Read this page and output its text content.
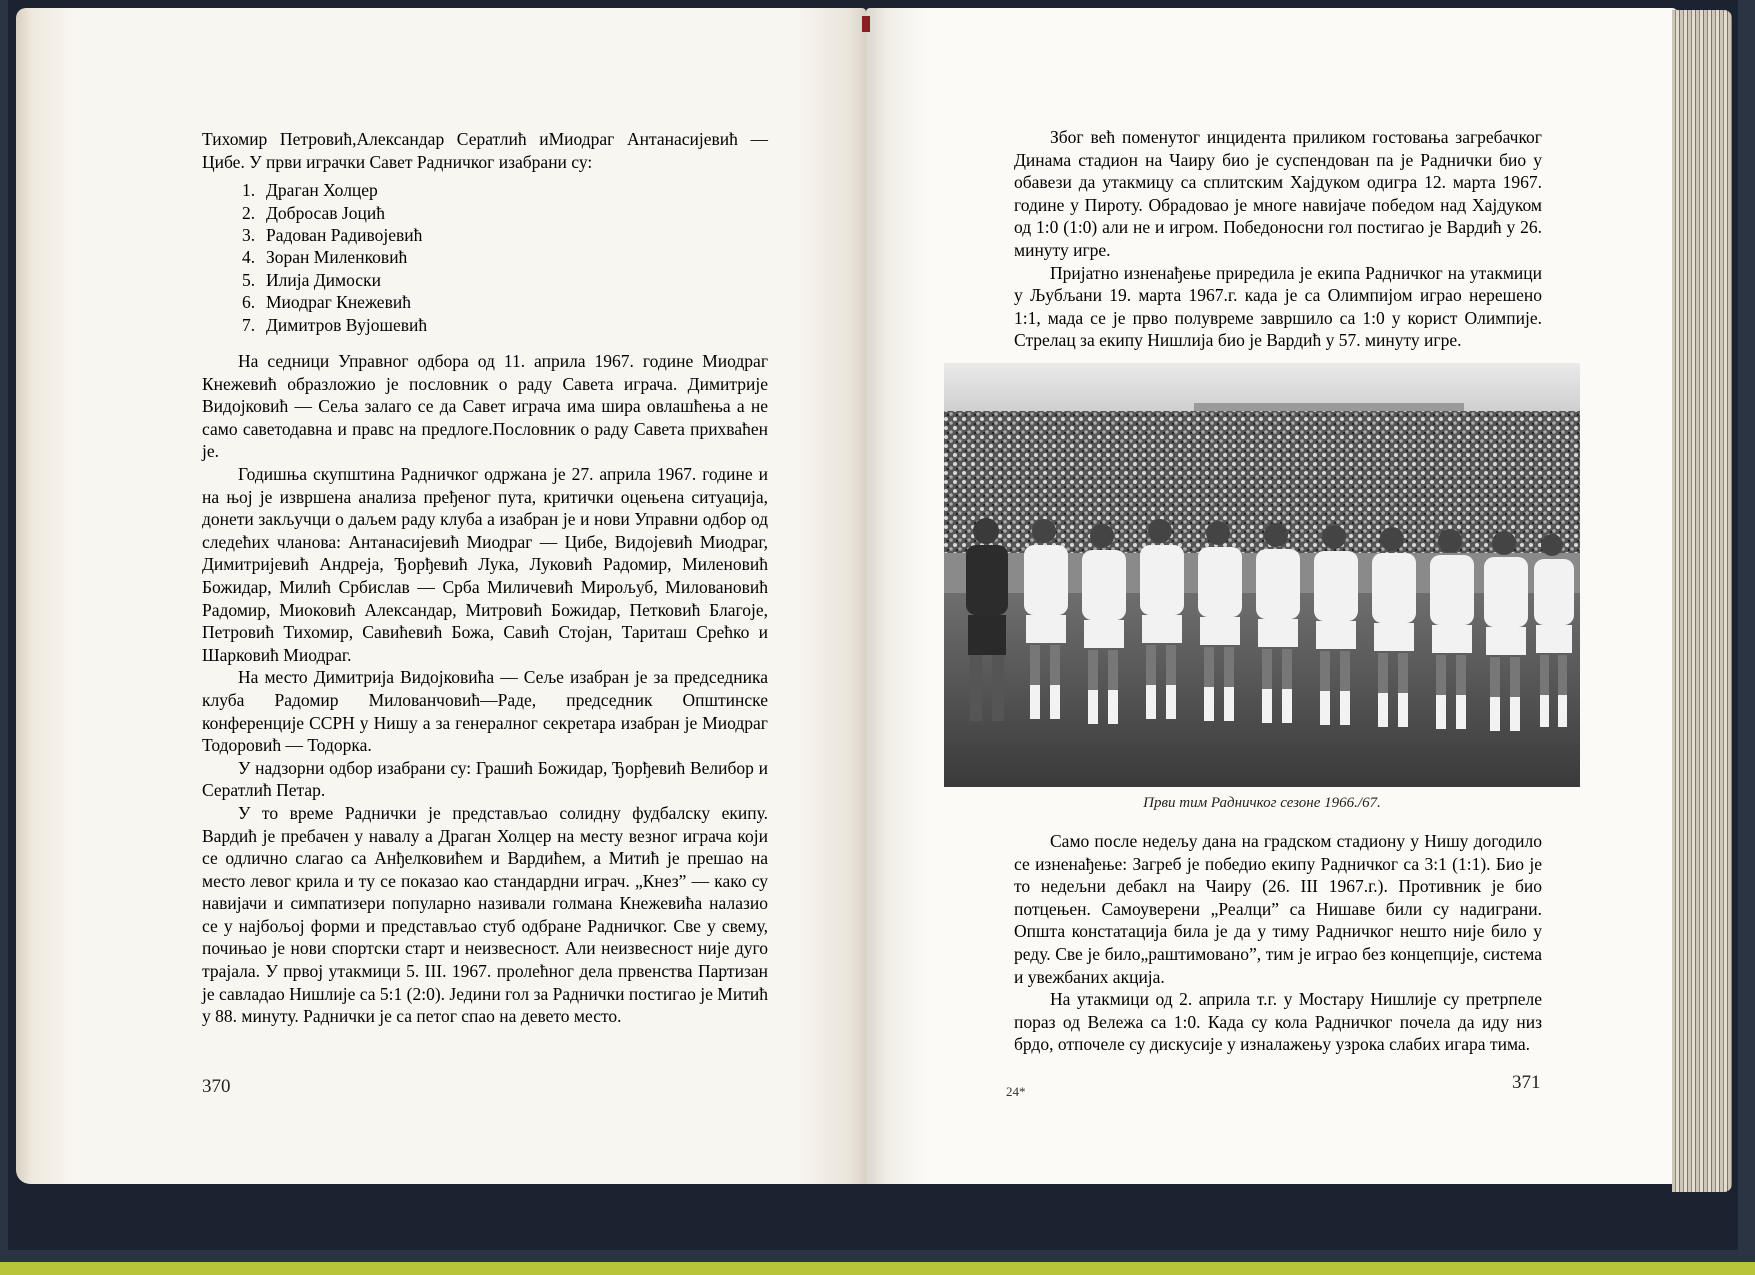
Тихомир Петровић,Александар Сератлић иМиодраг Антанасијевић — Цибе. У први играчки Савет Радничког изабрани су:

1. Драган Холцер
2. Добросав Јоцић
3. Радован Радивојевић
4. Зоран Миленковић
5. Илија Димоски
6. Миодраг Кнежевић
7. Димитров Вујошевић

На седници Управног одбора од 11. априла 1967. године Миодраг Кнежевић образложио је пословник о раду Савета играча. Димитрије Видојковић — Сеља залаго се да Савет играча има шира овлашћења а не само саветодавна и правс на предлоге.Пословник о раду Савета прихваћен је.

Годишња скупштина Радничког одржана је 27. априла 1967. године и на њој је извршена анализа пређеног пута, критички оцењена ситуација, донети закључци о даљем раду клуба а изабран је и нови Управни одбор од следећих чланова: Антанасијевић Миодраг — Цибе, Видојевић Миодраг, Димитријевић Андреја, Ђорђевић Лука, Луковић Радомир, Миленовић Божидар, Милић Србислав — Срба Миличевић Мирољуб, Миловановић Радомир, Миоковић Александар, Митровић Божидар, Петковић Благоје, Петровић Тихомир, Савићевић Божа, Савић Стојан, Тариташ Срећко и Шарковић Миодраг.

На место Димитрија Видојковића — Сеље изабран је за председника клуба Радомир Милованчовић—Раде, председник Општинске конференције ССРН у Нишу а за генералног секретара изабран је Миодраг Тодоровић — Тодорка.

У надзорни одбор изабрани су: Грашић Божидар, Ђорђевић Велибор и Сератлић Петар.

У то време Раднички је представљао солидну фудбалску екипу. Вардић је пребачен у навалу а Драган Холцер на месту везног играча који се одлично слагао са Анђелковићем и Вардићем, а Митић је прешао на место левог крила и ту се показао као стандардни играч. „Кнез” — како су навијачи и симпатизери популарно називали голмана Кнежевића налазио се у најбољој форми и представљао стуб одбране Радничког. Све у свему, почињао је нови спортски старт и неизвесност. Али неизвесност није дуго трајала. У првој утакмици 5. III. 1967. пролећног дела првенства Партизан је савладао Нишлије са 5:1 (2:0). Једини гол за Раднички постигао је Митић у 88. минуту. Раднички је са петог спао на девето место.

370

Због већ поменутог инцидента приликом гостовања загребачког Динама стадион на Чаиру био је суспендован па је Раднички био у обавези да утакмицу са сплитским Хајдуком одигра 12. марта 1967. године у Пироту. Обрадовао је многе навијаче победом над Хајдуком од 1:0 (1:0) али не и игром. Победоносни гол постигао је Вардић у 26. минуту игре.

Пријатно изненађење приредила је екипа Радничког на утакмици у Љубљани 19. марта 1967.г. када је са Олимпијом играо нерешено 1:1, мада се је прво полувреме завршило са 1:0 у корист Олимпије. Стрелац за екипу Нишлија био је Вардић у 57. минуту игре.

Први тим Радничког сезоне 1966./67.

Само после недељу дана на градском стадиону у Нишу догодило се изненађење: Загреб је победио екипу Радничког са 3:1 (1:1). Био је то недељни дебакл на Чаиру (26. III 1967.г.). Противник је био потцењен. Самоуверени „Реалци” са Нишаве били су надиграни. Општа констатација била је да у тиму Радничког нешто није било у реду. Све је било„раштимовано”, тим је играо без концепције, система и увежбаних акција.

На утакмици од 2. априла т.г. у Мостару Нишлије су претрпеле пораз од Вележа са 1:0. Када су кола Радничког почела да иду низ брдо, отпочеле су дискусије у изналажењу узрока слабих игара тима.

24*	371
